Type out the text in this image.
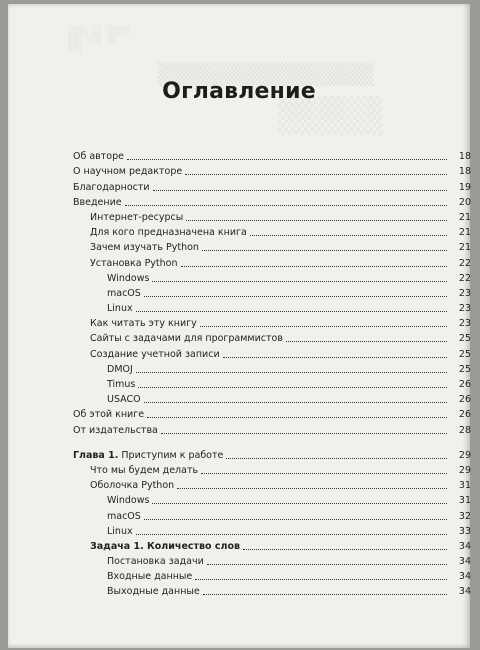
░░░░ ░░ ░░░░░
░░░ ░░░ ░░
░░░
▒▒▒▒▒▒▒▒▒▒▒▒▒▒
▒▒▒▒
Оглавление
Об авторе	18
О научном редакторе	18
Благодарности	19
Введение	20
Интернет-ресурсы	21
Для кого предназначена книга	21
Зачем изучать Python	21
Установка Python	22
Windows	22
macOS	23
Linux	23
Как читать эту книгу	23
Сайты с задачами для программистов	25
Создание учетной записи	25
DMOJ	25
Timus	26
USACO	26
Об этой книге	26
От издательства	28
Глава 1. Приступим к работе	29
Что мы будем делать	29
Оболочка Python	31
Windows	31
macOS	32
Linux	33
Задача 1. Количество слов	34
Постановка задачи	34
Входные данные	34
Выходные данные	34
